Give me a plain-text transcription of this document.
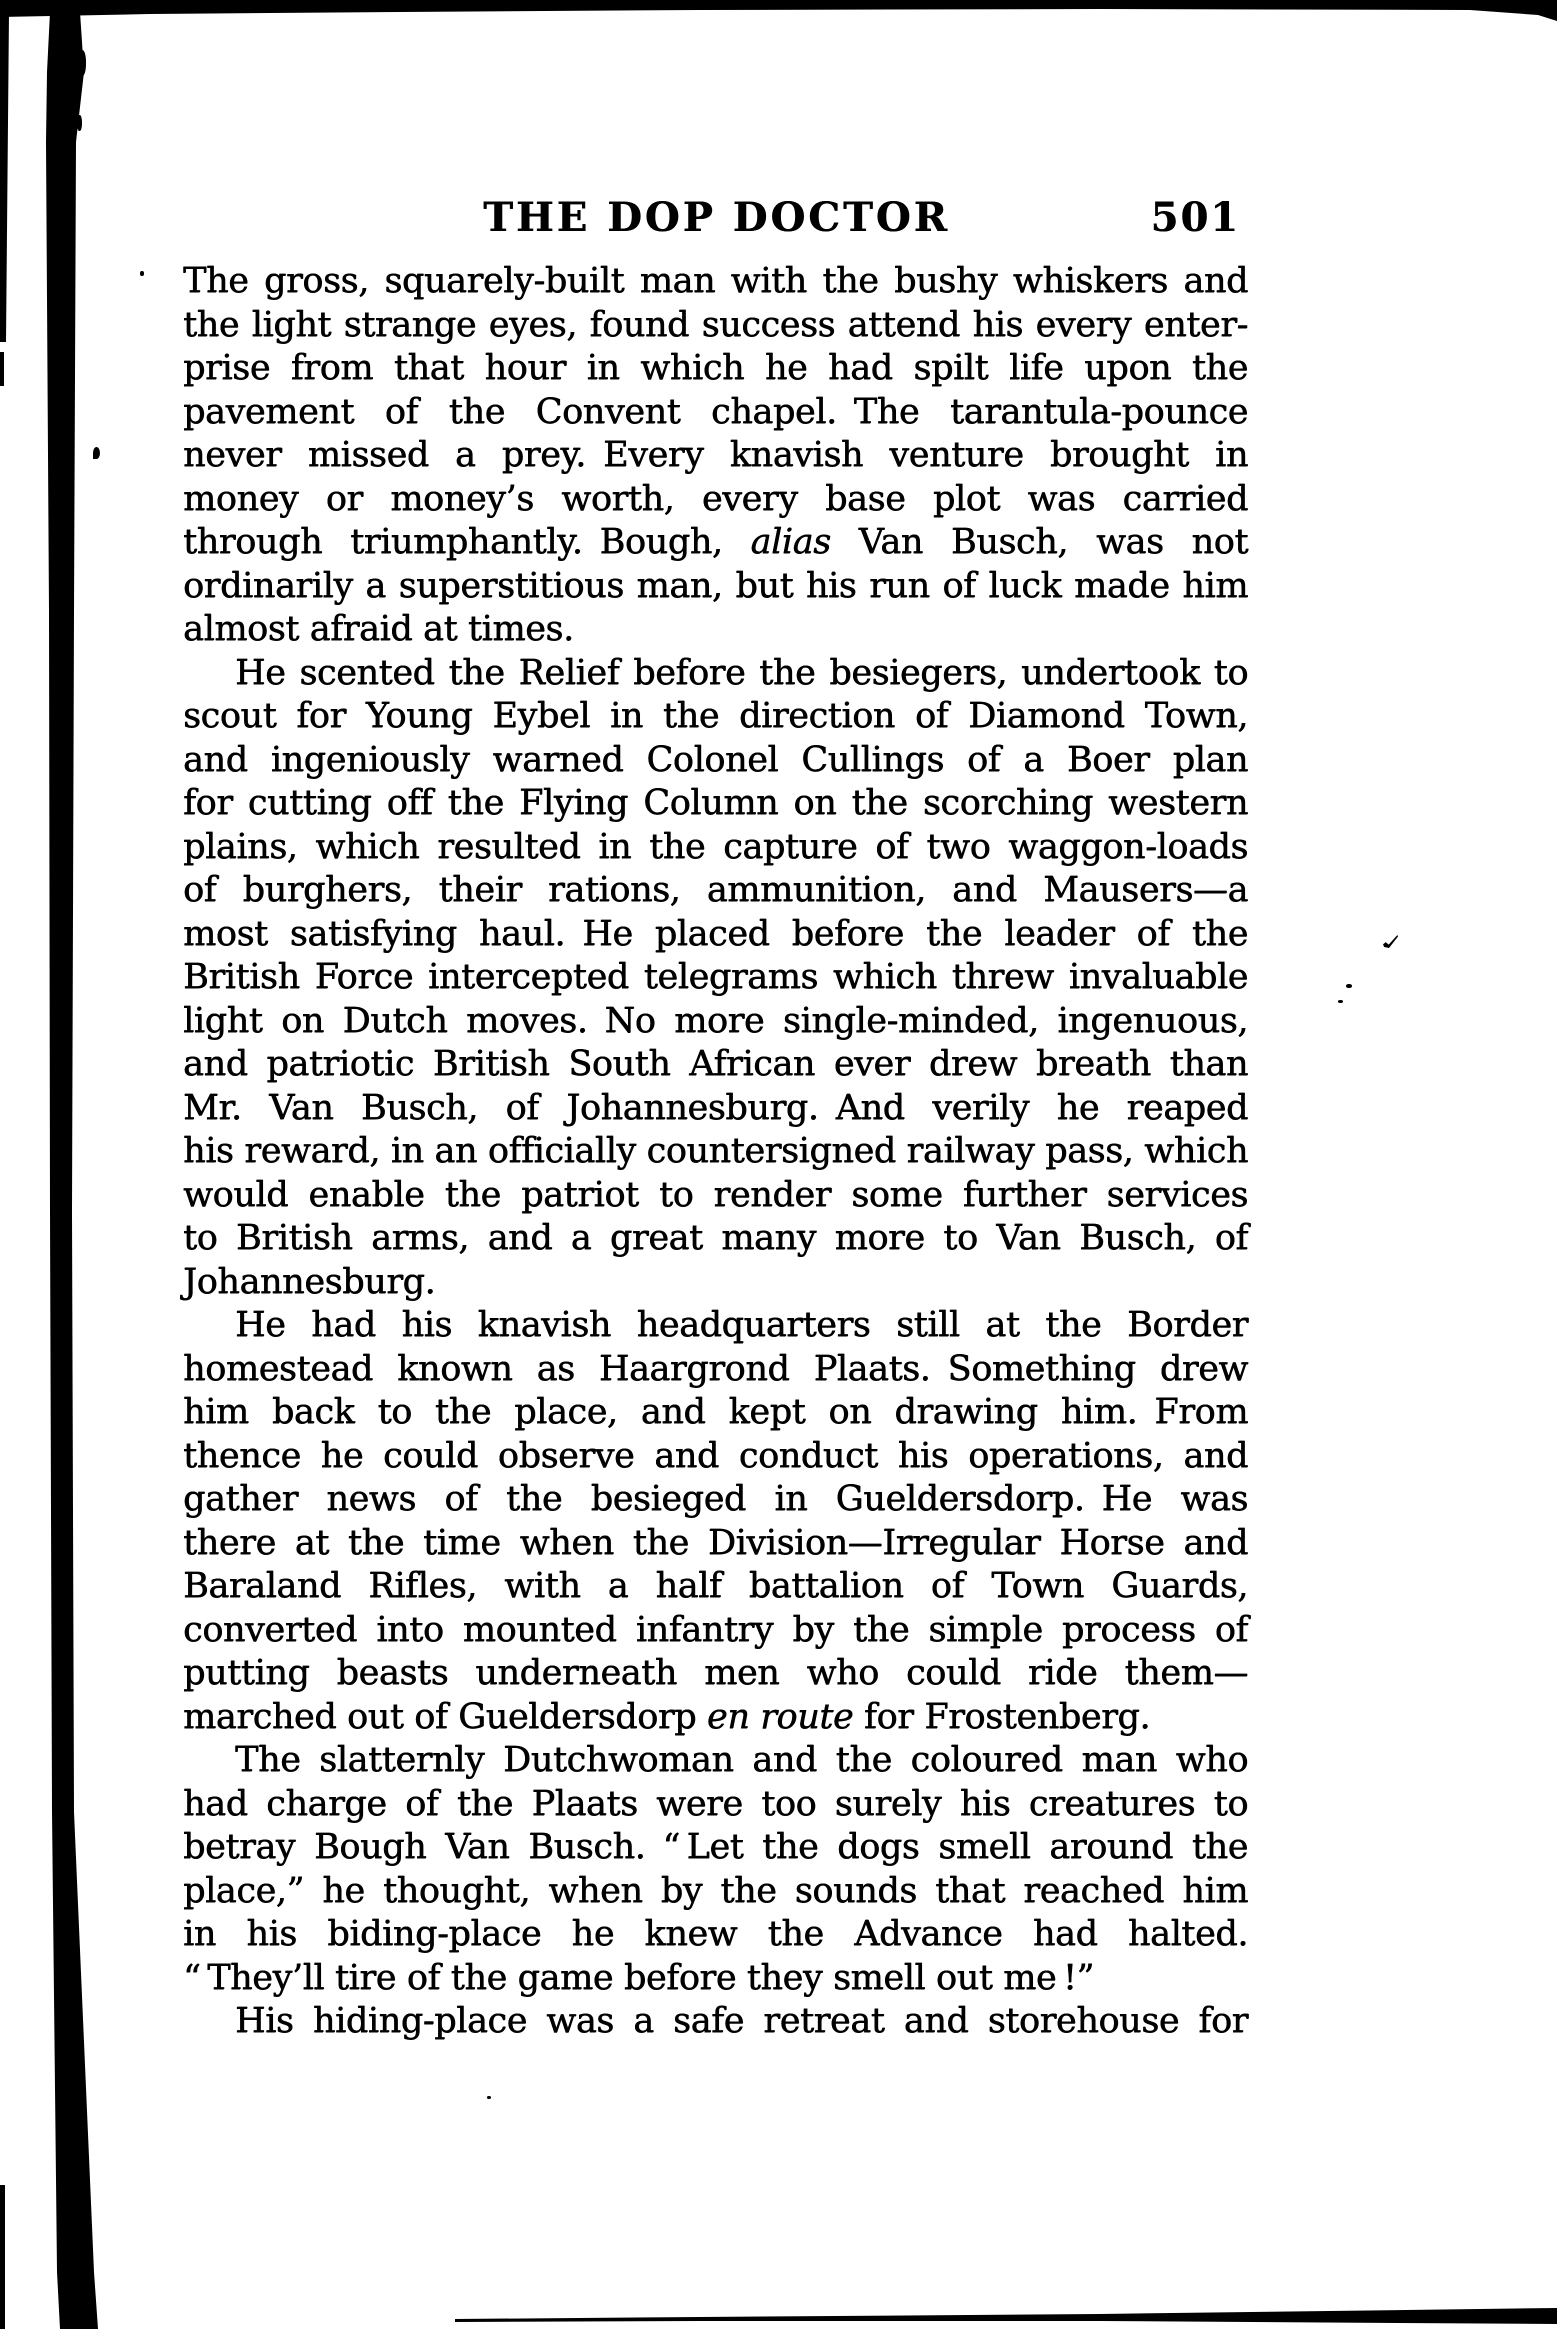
THE DOP DOCTOR	501
The gross, squarely-built man with the bushy whiskers and
the light strange eyes, found success attend his every enter-
prise from that hour in which he had spilt life upon the
pavement of the Convent chapel. The tarantula-pounce
never missed a prey. Every knavish venture brought in
money or money’s worth, every base plot was carried
through triumphantly. Bough, alias Van Busch, was not
ordinarily a superstitious man, but his run of luck made him
almost afraid at times.
He scented the Relief before the besiegers, undertook to
scout for Young Eybel in the direction of Diamond Town,
and ingeniously warned Colonel Cullings of a Boer plan
for cutting off the Flying Column on the scorching western
plains, which resulted in the capture of two waggon-loads
of burghers, their rations, ammunition, and Mausers—a
most satisfying haul. He placed before the leader of the
British Force intercepted telegrams which threw invaluable
light on Dutch moves. No more single-minded, ingenuous,
and patriotic British South African ever drew breath than
Mr. Van Busch, of Johannesburg. And verily he reaped
his reward, in an officially countersigned railway pass, which
would enable the patriot to render some further services
to British arms, and a great many more to Van Busch, of
Johannesburg.
He had his knavish headquarters still at the Border
homestead known as Haargrond Plaats. Something drew
him back to the place, and kept on drawing him. From
thence he could observe and conduct his operations, and
gather news of the besieged in Gueldersdorp. He was
there at the time when the Division—Irregular Horse and
Baraland Rifles, with a half battalion of Town Guards,
converted into mounted infantry by the simple process of
putting beasts underneath men who could ride them—
marched out of Gueldersdorp en route for Frostenberg.
The slatternly Dutchwoman and the coloured man who
had charge of the Plaats were too surely his creatures to
betray Bough Van Busch. “ Let the dogs smell around the
place,” he thought, when by the sounds that reached him
in his biding-place he knew the Advance had halted.
“ They’ll tire of the game before they smell out me !”
His hiding-place was a safe retreat and storehouse for
